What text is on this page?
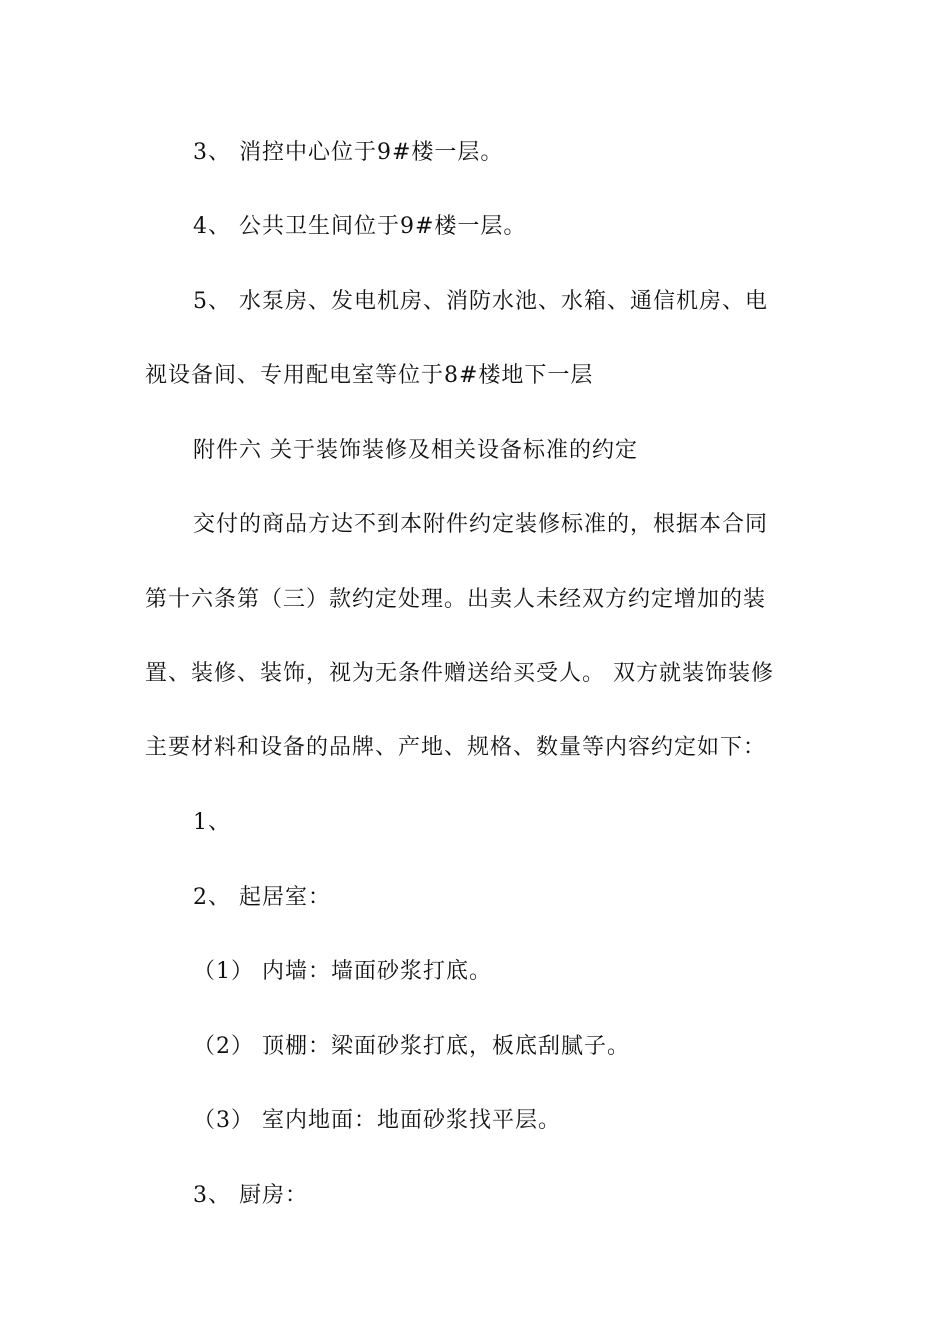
3、 消控中心位于9#楼一层。
4、 公共卫生间位于9#楼一层。
5、 水泵房、发电机房、消防水池、水箱、通信机房、电
视设备间、专用配电室等位于8#楼地下一层
附件六 关于装饰装修及相关设备标准的约定
交付的商品方达不到本附件约定装修标准的，根据本合同
第十六条第（三）款约定处理。出卖人未经双方约定增加的装
置、装修、装饰，视为无条件赠送给买受人。 双方就装饰装修
主要材料和设备的品牌、产地、规格、数量等内容约定如下：
1、
2、 起居室：
（1） 内墙：墙面砂浆打底。
（2） 顶棚：梁面砂浆打底，板底刮腻子。
（3） 室内地面：地面砂浆找平层。
3、 厨房：
